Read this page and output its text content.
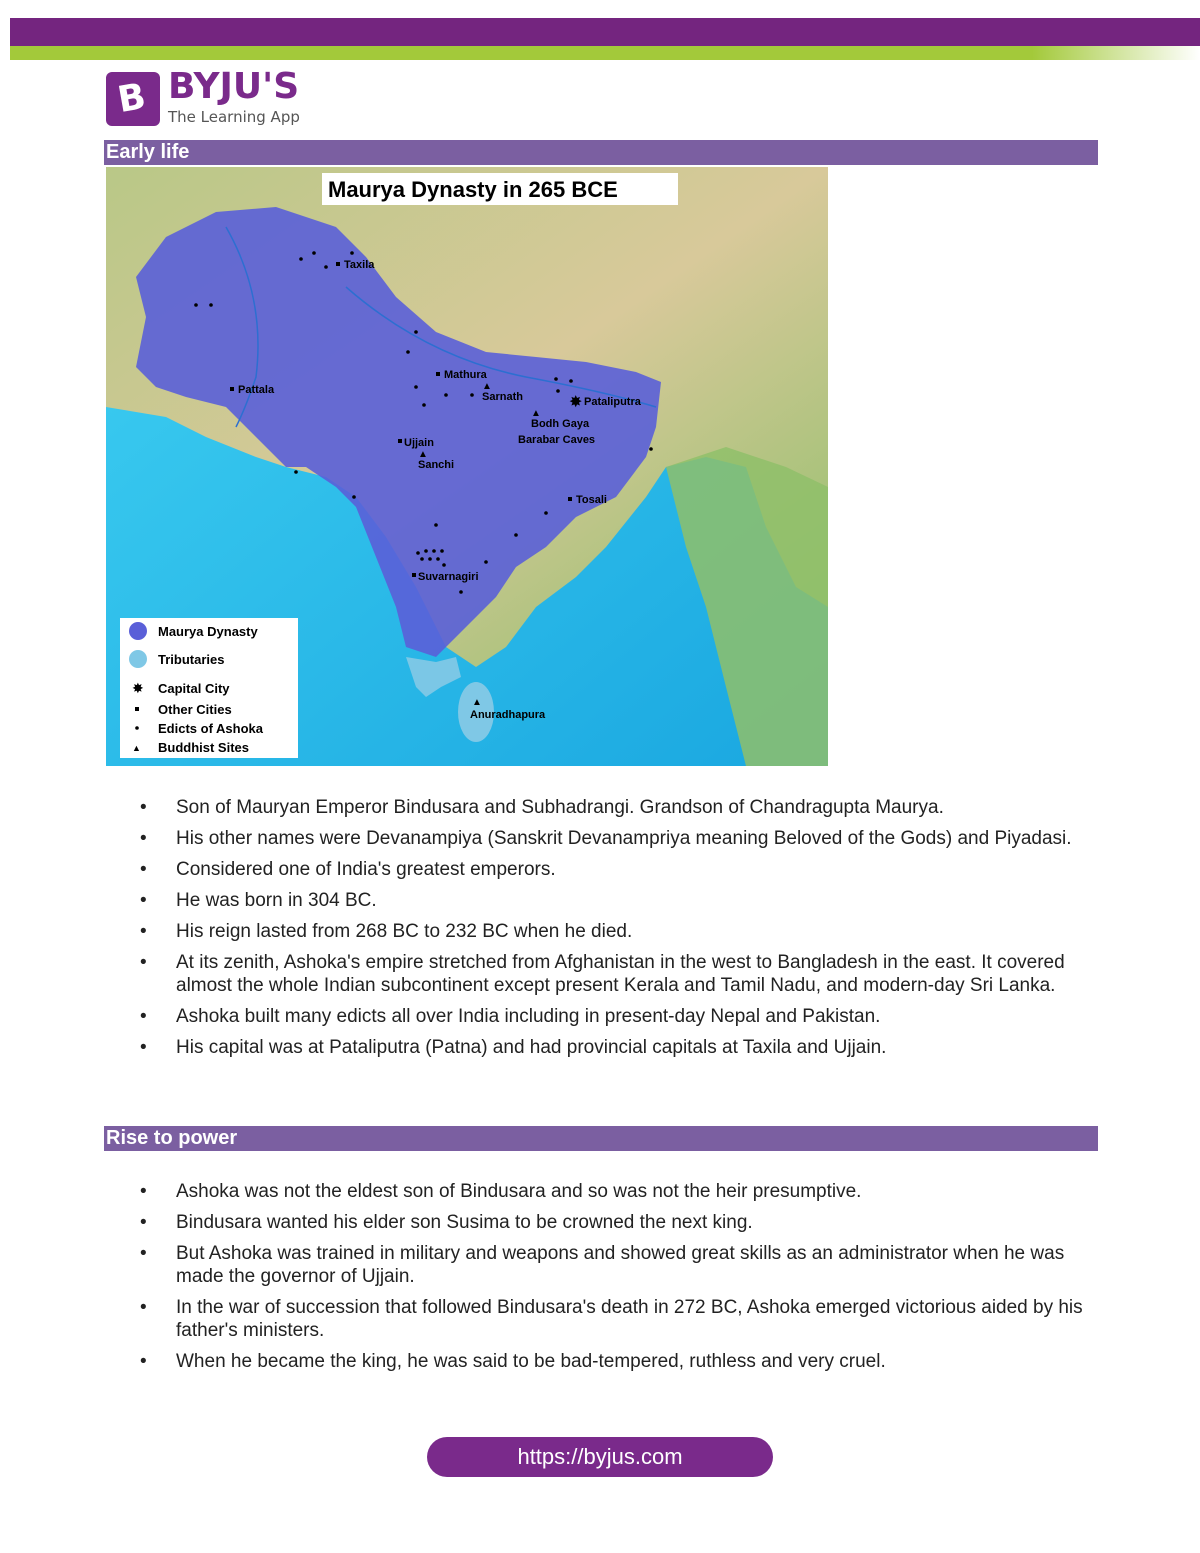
B BYJU'S
The Learning App
Early life
Maurya Dynasty in 265 BCE
✸ Pataliputra
Taxila
Pattala
Mathura
▲
Sarnath
▲
Bodh Gaya
Barabar Caves
Ujjain
▲
Sanchi
Tosali
Suvarnagiri
▲
Anuradhapura
Maurya Dynasty
Tributaries
✸ Capital City
Other Cities
Edicts of Ashoka
▲ Buddhist Sites
• Son of Mauryan Emperor Bindusara and Subhadrangi. Grandson of Chandragupta Maurya.
• His other names were Devanampiya (Sanskrit Devanampriya meaning Beloved of the Gods) and Piyadasi.
• Considered one of India's greatest emperors.
• He was born in 304 BC.
• His reign lasted from 268 BC to 232 BC when he died.
• At its zenith, Ashoka's empire stretched from Afghanistan in the west to Bangladesh in the east. It covered almost the whole Indian subcontinent except present Kerala and Tamil Nadu, and modern-day Sri Lanka.
• Ashoka built many edicts all over India including in present-day Nepal and Pakistan.
• His capital was at Pataliputra (Patna) and had provincial capitals at Taxila and Ujjain.
Rise to power
• Ashoka was not the eldest son of Bindusara and so was not the heir presumptive.
• Bindusara wanted his elder son Susima to be crowned the next king.
• But Ashoka was trained in military and weapons and showed great skills as an administrator when he was made the governor of Ujjain.
• In the war of succession that followed Bindusara's death in 272 BC, Ashoka emerged victorious aided by his father's ministers.
• When he became the king, he was said to be bad-tempered, ruthless and very cruel.
https://byjus.com
